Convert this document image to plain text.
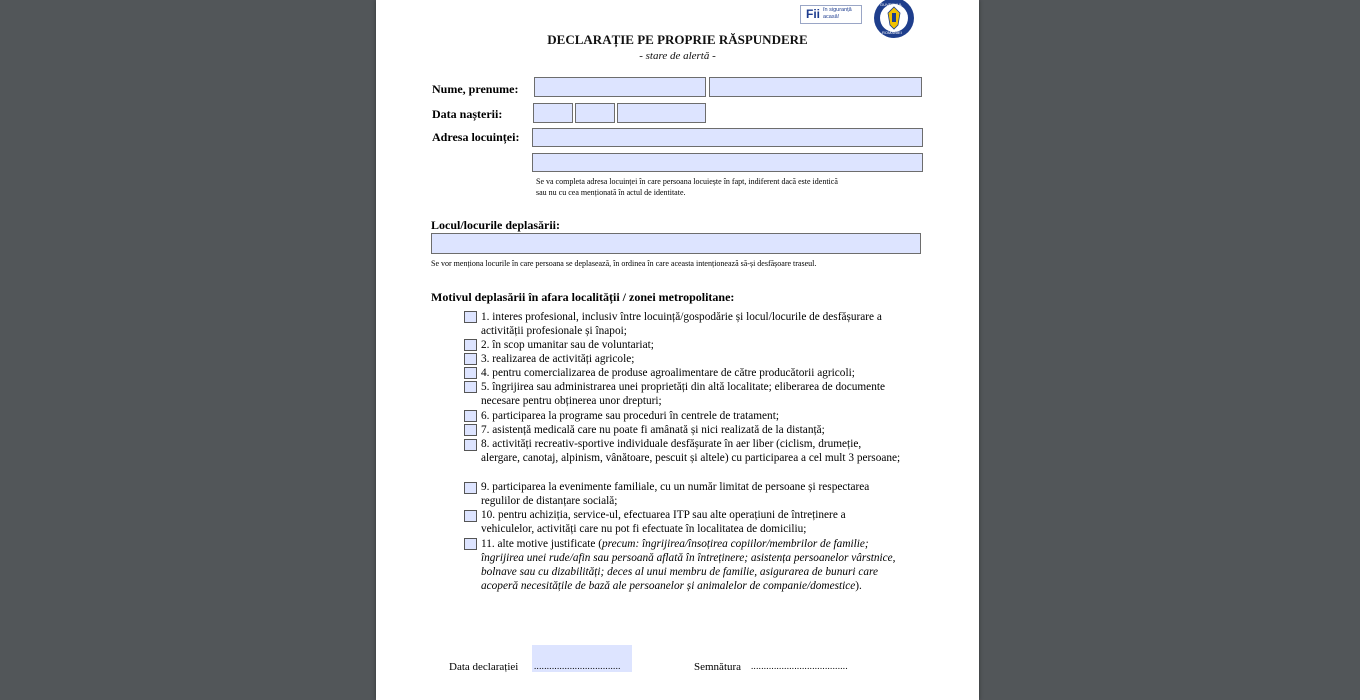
Fii în siguranță
acasă!
GUVERNUL
ROMÂNIEI
DECLARAȚIE PE PROPRIE RĂSPUNDERE
- stare de alertă -
Nume, prenume:
Data nașterii:
Adresa locuinței:
Se va completa adresa locuinței în care persoana locuiește în fapt, indiferent dacă este identică
sau nu cu cea menționată în actul de identitate.
Locul/locurile deplasării:
Se vor menționa locurile în care persoana se deplasează, în ordinea în care aceasta intenționează să-și desfășoare traseul.
Motivul deplasării în afara localității / zonei metropolitane:
1. interes profesional, inclusiv între locuință/gospodărie și locul/locurile de desfășurare a activității profesionale și înapoi;
2. în scop umanitar sau de voluntariat;
3. realizarea de activități agricole;
4. pentru comercializarea de produse agroalimentare de către producătorii agricoli;
5. îngrijirea sau administrarea unei proprietăți din altă localitate; eliberarea de documente necesare pentru obținerea unor drepturi;
6. participarea la programe sau proceduri în centrele de tratament;
7. asistență medicală care nu poate fi amânată și nici realizată de la distanță;
8. activități recreativ-sportive individuale desfășurate în aer liber (ciclism, drumeție, alergare, canotaj, alpinism, vânătoare, pescuit și altele) cu participarea a cel mult 3 persoane;
9. participarea la evenimente familiale, cu un număr limitat de persoane și respectarea regulilor de distanțare socială;
10. pentru achiziția, service-ul, efectuarea ITP sau alte operațiuni de întreținere a vehiculelor, activități care nu pot fi efectuate în localitatea de domiciliu;
11. alte motive justificate (precum: îngrijirea/însoțirea copiilor/membrilor de familie; îngrijirea unei rude/afin sau persoană aflată în întreținere; asistența persoanelor vârstnice, bolnave sau cu dizabilități; deces al unui membru de familie, asigurarea de bunuri care acoperă necesitățile de bază ale persoanelor și animalelor de companie/domestice).
Data declarației ..................................	Semnătura ......................................
